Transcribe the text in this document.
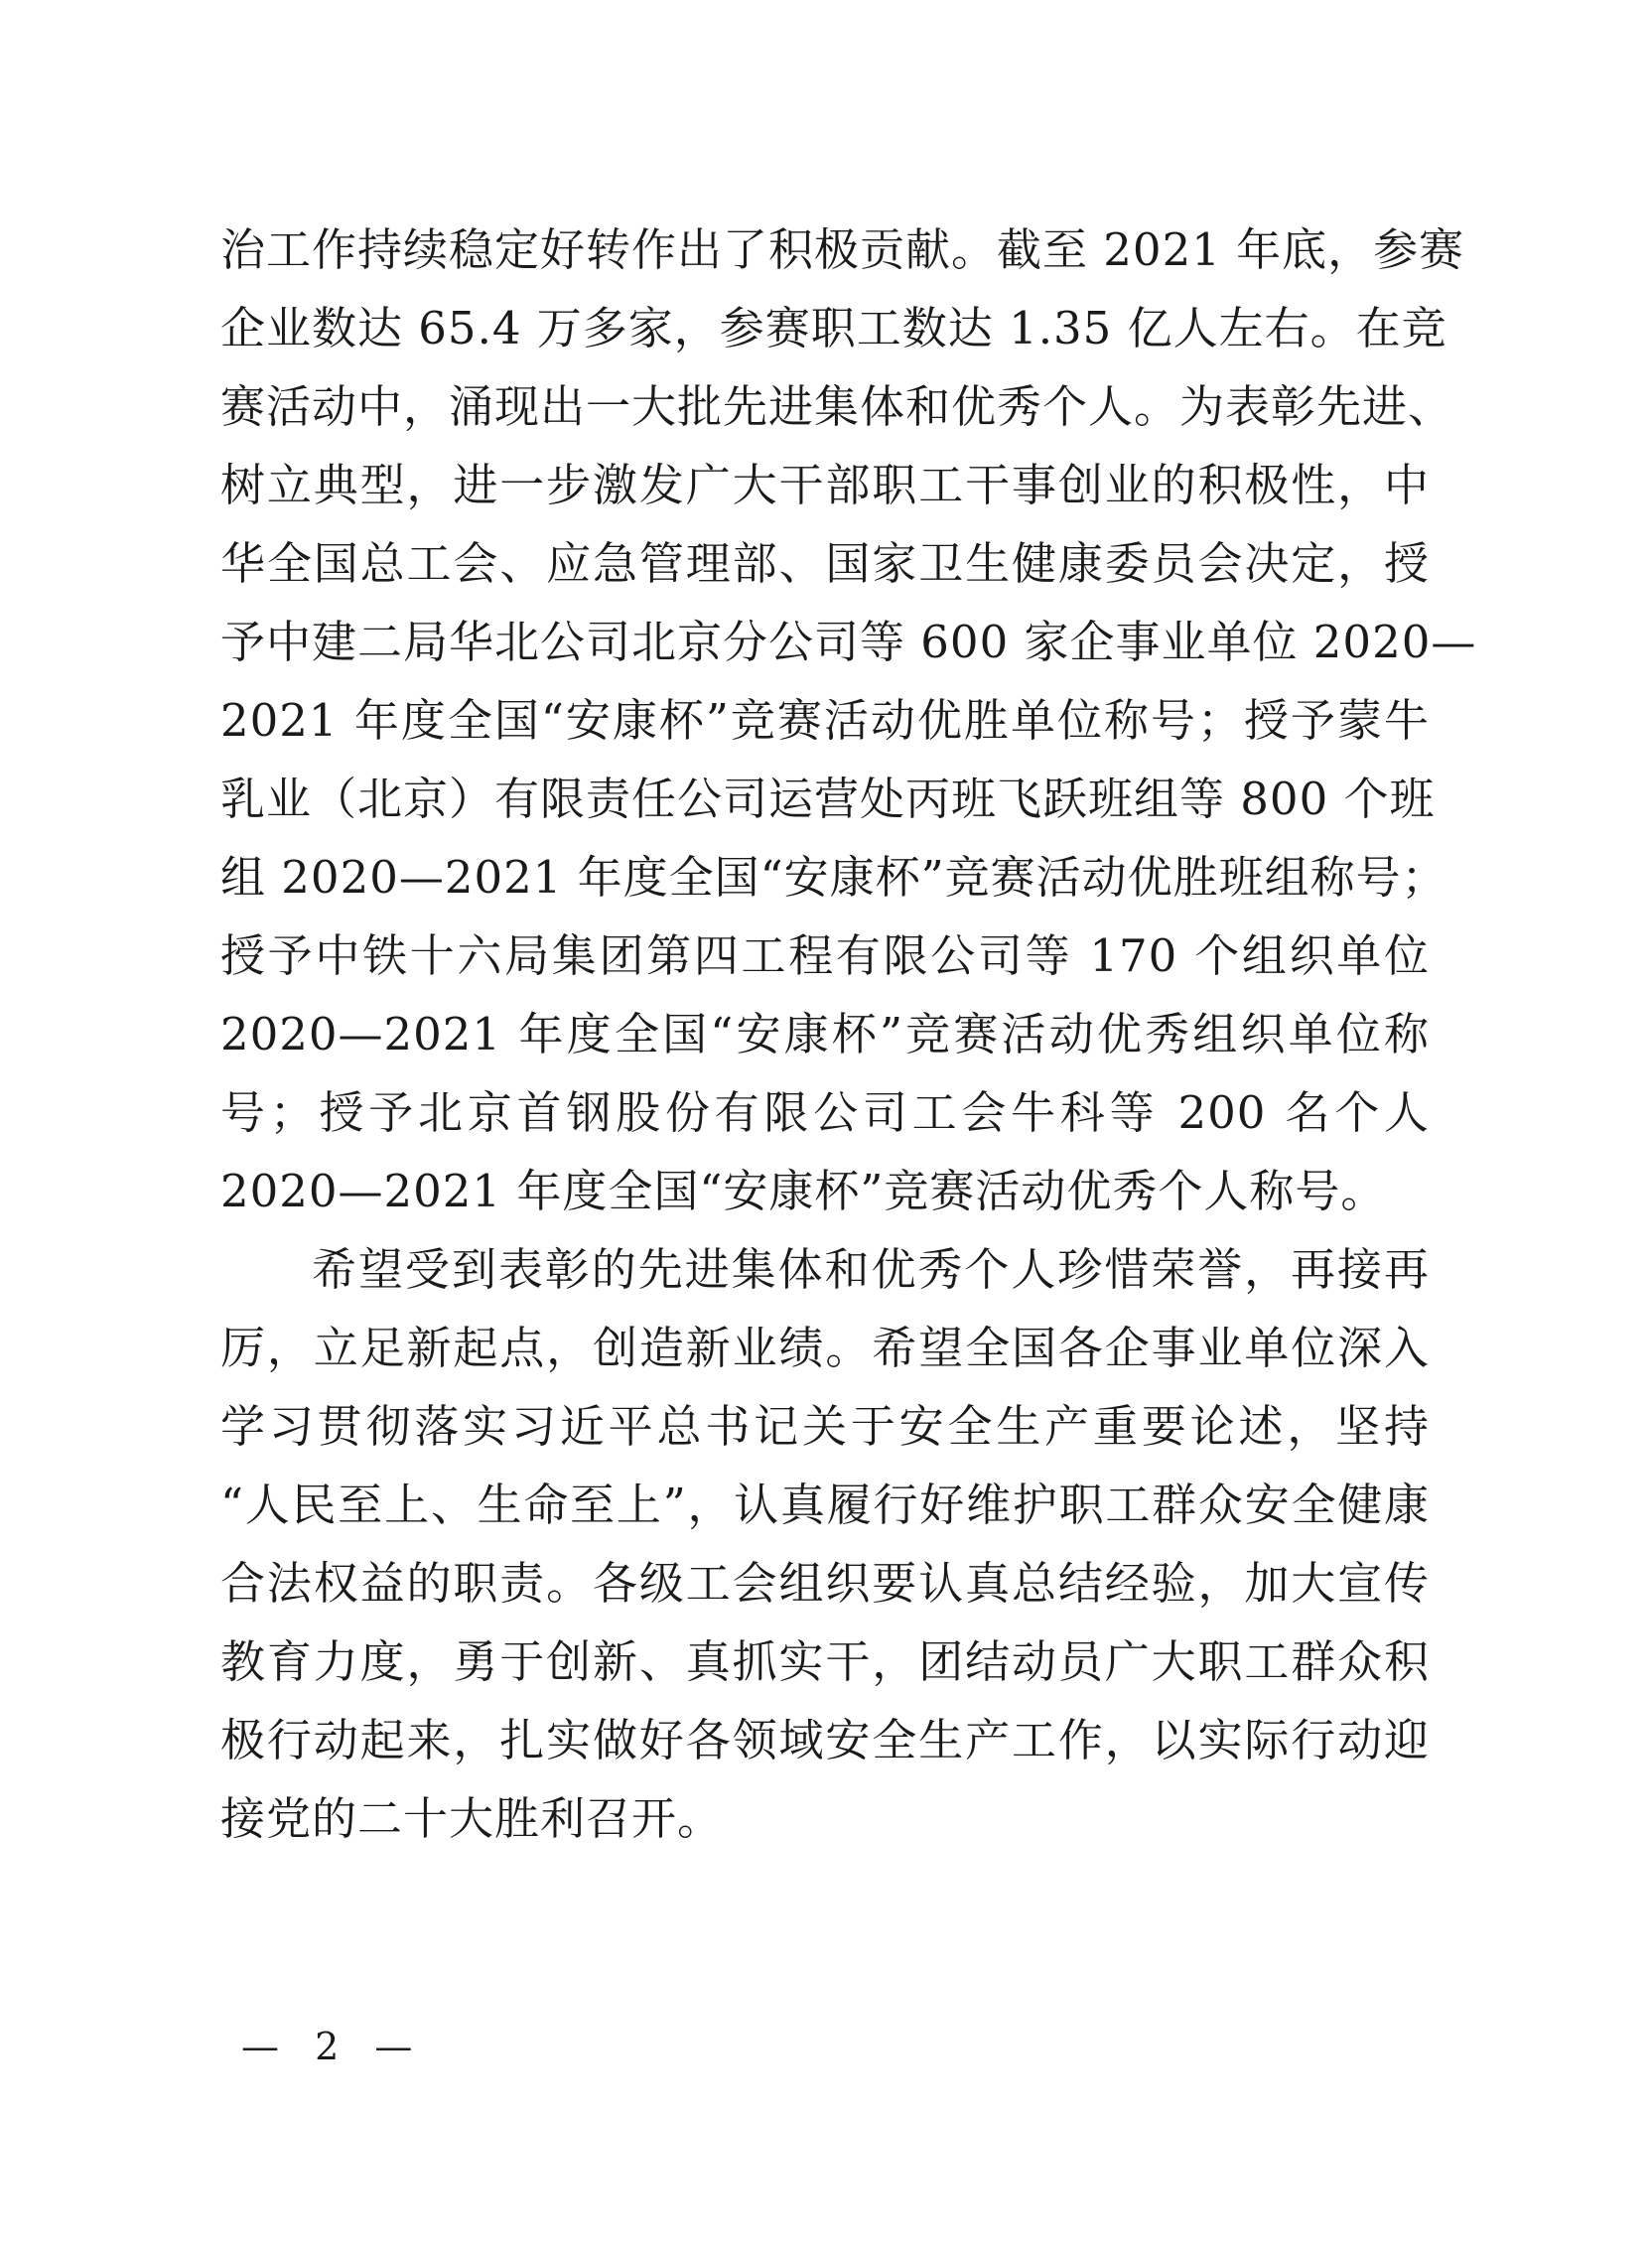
治工作持续稳定好转作出了积极贡献。截至 2021 年底，参赛
企业数达 65.4 万多家，参赛职工数达 1.35 亿人左右。在竞
赛活动中，涌现出一大批先进集体和优秀个人。为表彰先进、
树立典型，进一步激发广大干部职工干事创业的积极性，中
华全国总工会、应急管理部、国家卫生健康委员会决定，授
予中建二局华北公司北京分公司等 600 家企事业单位 2020—
2021 年度全国“安康杯”竞赛活动优胜单位称号；授予蒙牛
乳业（北京）有限责任公司运营处丙班飞跃班组等 800 个班
组 2020—2021 年度全国“安康杯”竞赛活动优胜班组称号；
授予中铁十六局集团第四工程有限公司等 170 个组织单位
2020—2021 年度全国“安康杯”竞赛活动优秀组织单位称
号；授予北京首钢股份有限公司工会牛科等 200 名个人
2020—2021 年度全国“安康杯”竞赛活动优秀个人称号。
希望受到表彰的先进集体和优秀个人珍惜荣誉，再接再
厉，立足新起点，创造新业绩。希望全国各企事业单位深入
学习贯彻落实习近平总书记关于安全生产重要论述，坚持
“人民至上、生命至上”，认真履行好维护职工群众安全健康
合法权益的职责。各级工会组织要认真总结经验，加大宣传
教育力度，勇于创新、真抓实干，团结动员广大职工群众积
极行动起来，扎实做好各领域安全生产工作，以实际行动迎
接党的二十大胜利召开。
— 2 —
